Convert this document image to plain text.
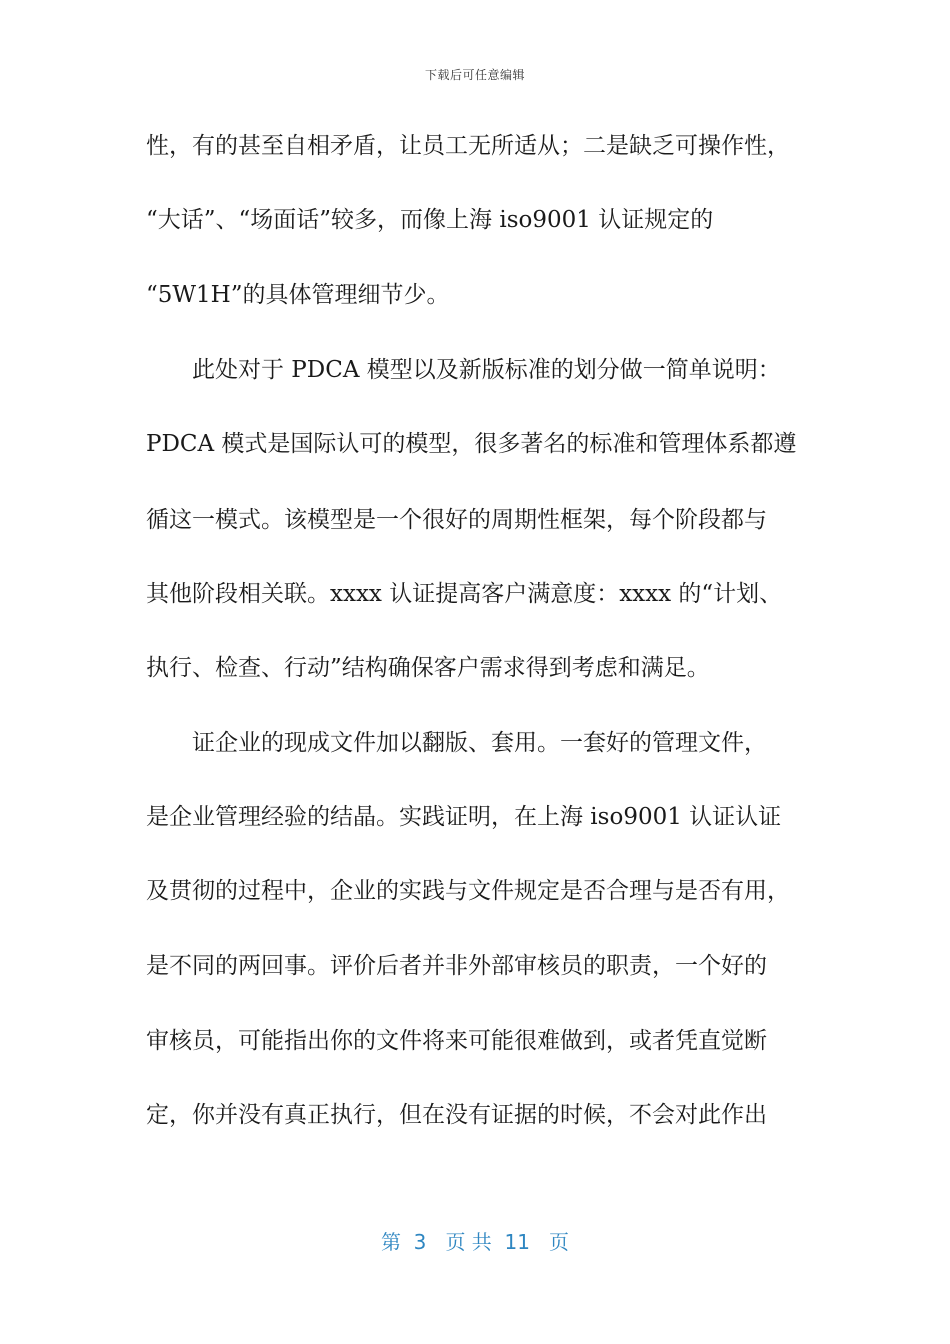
下载后可任意编辑
性，有的甚至自相矛盾，让员工无所适从；二是缺乏可操作性，
“大话”、“场面话”较多，而像上海 iso9001 认证规定的
“5W1H”的具体管理细节少。
此处对于 PDCA 模型以及新版标准的划分做一简单说明：
PDCA 模式是国际认可的模型，很多著名的标准和管理体系都遵
循这一模式。该模型是一个很好的周期性框架，每个阶段都与
其他阶段相关联。xxxx 认证提高客户满意度：xxxx 的“计划、
执行、检查、行动”结构确保客户需求得到考虑和满足。
证企业的现成文件加以翻版、套用。一套好的管理文件，
是企业管理经验的结晶。实践证明，在上海 iso9001 认证认证
及贯彻的过程中，企业的实践与文件规定是否合理与是否有用，
是不同的两回事。评价后者并非外部审核员的职责，一个好的
审核员，可能指出你的文件将来可能很难做到，或者凭直觉断
定，你并没有真正执行，但在没有证据的时候，不会对此作出
第  3   页 共  11   页
